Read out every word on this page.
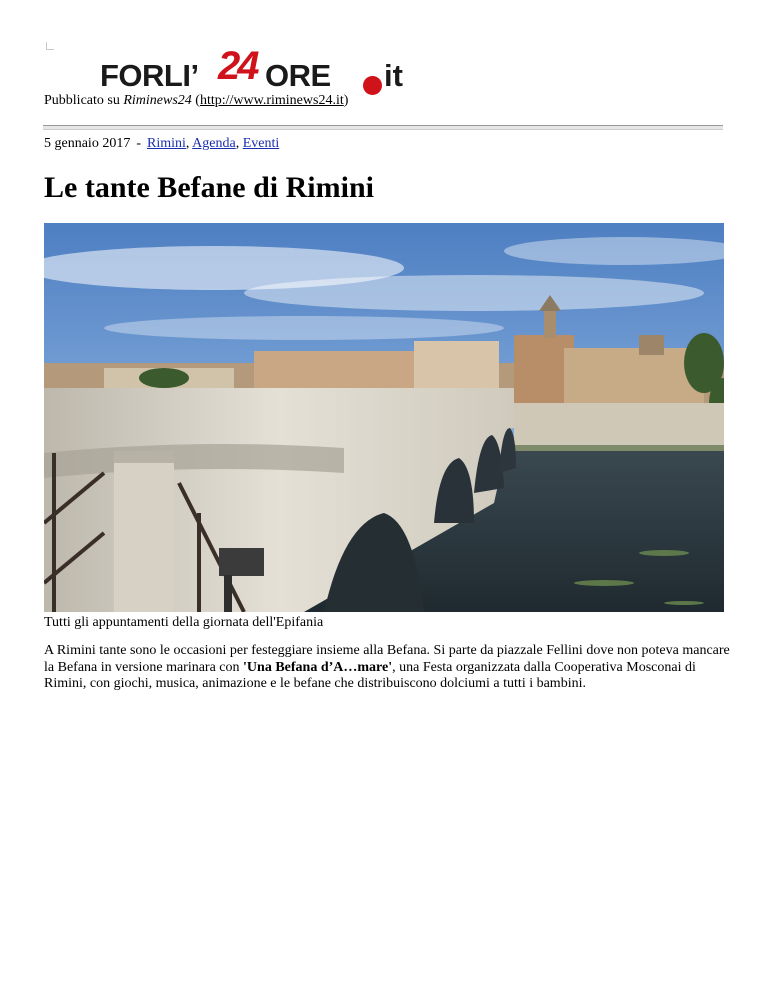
FORLI’ 24 ORE it
Pubblicato su Riminews24 (http://www.riminews24.it)
5 gennaio 2017 - Rimini, Agenda, Eventi
Le tante Befane di Rimini
Tutti gli appuntamenti della giornata dell'Epifania

A Rimini tante sono le occasioni per festeggiare insieme alla Befana. Si parte da piazzale Fellini dove non poteva mancare la Befana in versione marinara con 'Una Befana d’A…mare', una Festa organizzata dalla Cooperativa Mosconai di Rimini, con giochi, musica, animazione e le befane che distribuiscono dolciumi a tutti i bambini.
